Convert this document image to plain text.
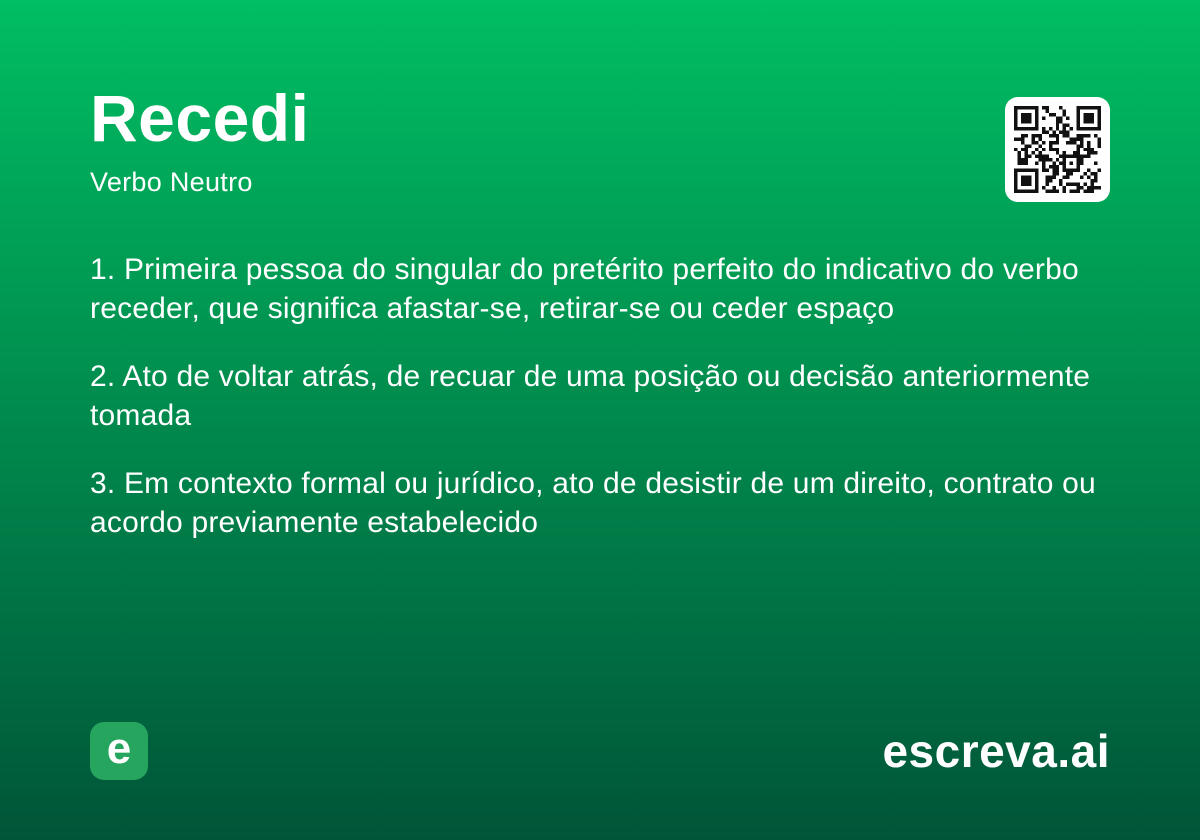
Recedi
Verbo Neutro

1. Primeira pessoa do singular do pretérito perfeito do indicativo do verbo receder, que significa afastar-se, retirar-se ou ceder espaço

2. Ato de voltar atrás, de recuar de uma posição ou decisão anteriormente tomada

3. Em contexto formal ou jurídico, ato de desistir de um direito, contrato ou acordo previamente estabelecido

e	escreva.ai
